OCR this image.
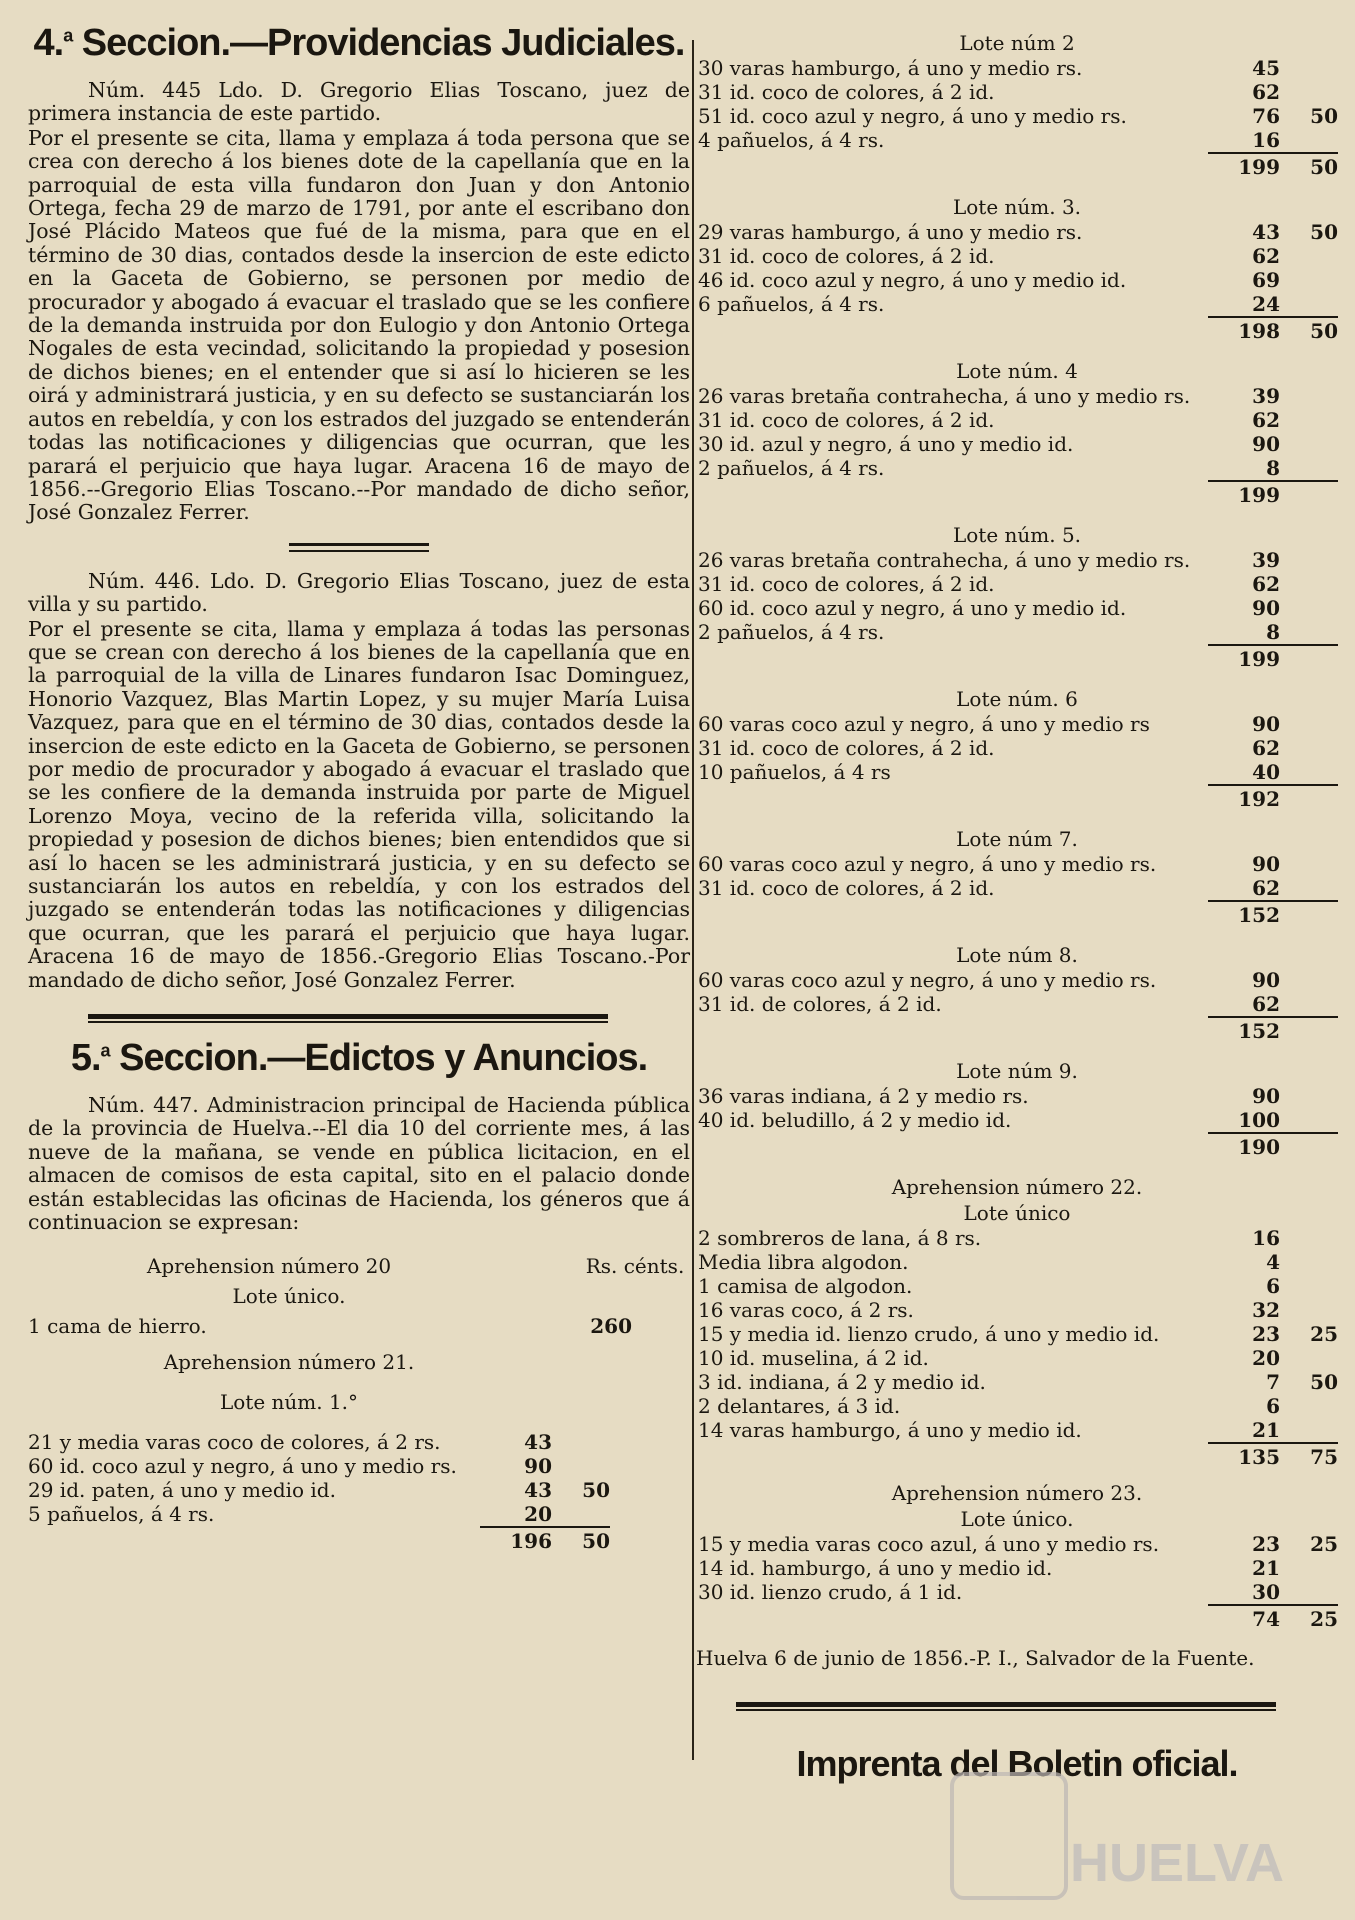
4.$^a$ Seccion.—Providencias Judiciales.

Núm. 445 Ldo. D. Gregorio Elias Toscano, juez de primera instancia de este partido.

Por el presente se cita, llama y emplaza á toda persona que se crea con derecho á los bienes dote de la capellanía que en la parroquial de esta villa fundaron don Juan y don Antonio Ortega, fecha 29 de marzo de 1791, por ante el escribano don José Plácido Mateos que fué de la misma, para que en el término de 30 dias, contados desde la insercion de este edicto en la Gaceta de Gobierno, se personen por medio de procurador y abogado á evacuar el traslado que se les confiere de la demanda instruida por don Eulogio y don Antonio Ortega Nogales de esta vecindad, solicitando la propiedad y posesion de dichos bienes; en el entender que si así lo hicieren se les oirá y administrará justicia, y en su defecto se sustanciarán los autos en rebeldía, y con los estrados del juzgado se entenderán todas las notificaciones y diligencias que ocurran, que les parará el perjuicio que haya lugar. Aracena 16 de mayo de 1856.--Gregorio Elias Toscano.--Por mandado de dicho señor, José Gonzalez Ferrer.

Núm. 446. Ldo. D. Gregorio Elias Toscano, juez de esta villa y su partido.

Por el presente se cita, llama y emplaza á todas las personas que se crean con derecho á los bienes de la capellanía que en la parroquial de la villa de Linares fundaron Isac Dominguez, Honorio Vazquez, Blas Martin Lopez, y su mujer María Luisa Vazquez, para que en el término de 30 dias, contados desde la insercion de este edicto en la Gaceta de Gobierno, se personen por medio de procurador y abogado á evacuar el traslado que se les confiere de la demanda instruida por parte de Miguel Lorenzo Moya, vecino de la referida villa, solicitando la propiedad y posesion de dichos bienes; bien entendidos que si así lo hacen se les administrará justicia, y en su defecto se sustanciarán los autos en rebeldía, y con los estrados del juzgado se entenderán todas las notificaciones y diligencias que ocurran, que les parará el perjuicio que haya lugar. Aracena 16 de mayo de 1856.-Gregorio Elias Toscano.-Por mandado de dicho señor, José Gonzalez Ferrer.

5.$^a$ Seccion.—Edictos y Anuncios.

Núm. 447. Administracion principal de Hacienda pública de la provincia de Huelva.--El dia 10 del corriente mes, á las nueve de la mañana, se vende en pública licitacion, en el almacen de comisos de esta capital, sito en el palacio donde están establecidas las oficinas de Hacienda, los géneros que á continuacion se expresan:

Aprehension número 20	Rs. cénts.
Lote único.
1 cama de hierro.	260
Aprehension número 21.
Lote núm. 1.°
21 y media varas coco de colores, á 2 rs.	43
60 id. coco azul y negro, á uno y medio rs.	90
29 id. paten, á uno y medio id.	43	50
5 pañuelos, á 4 rs.	20
196	50
Lote núm 2
30 varas hamburgo, á uno y medio rs.	45
31 id. coco de colores, á 2 id.	62
51 id. coco azul y negro, á uno y medio rs.	76	50
4 pañuelos, á 4 rs.	16
199	50
Lote núm. 3.
29 varas hamburgo, á uno y medio rs.	43	50
31 id. coco de colores, á 2 id.	62
46 id. coco azul y negro, á uno y medio id.	69
6 pañuelos, á 4 rs.	24
198	50
Lote núm. 4
26 varas bretaña contrahecha, á uno y medio rs.	39
31 id. coco de colores, á 2 id.	62
30 id. azul y negro, á uno y medio id.	90
2 pañuelos, á 4 rs.	8
199
Lote núm. 5.
26 varas bretaña contrahecha, á uno y medio rs.	39
31 id. coco de colores, á 2 id.	62
60 id. coco azul y negro, á uno y medio id.	90
2 pañuelos, á 4 rs.	8
199
Lote núm. 6
60 varas coco azul y negro, á uno y medio rs	90
31 id. coco de colores, á 2 id.	62
10 pañuelos, á 4 rs	40
192
Lote núm 7.
60 varas coco azul y negro, á uno y medio rs.	90
31 id. coco de colores, á 2 id.	62
152
Lote núm 8.
60 varas coco azul y negro, á uno y medio rs.	90
31 id. de colores, á 2 id.	62
152
Lote núm 9.
36 varas indiana, á 2 y medio rs.	90
40 id. beludillo, á 2 y medio id.	100
190
Aprehension número 22.
Lote único
2 sombreros de lana, á 8 rs.	16
Media libra algodon.	4
1 camisa de algodon.	6
16 varas coco, á 2 rs.	32
15 y media id. lienzo crudo, á uno y medio id.	23	25
10 id. muselina, á 2 id.	20
3 id. indiana, á 2 y medio id.	7	50
2 delantares, á 3 id.	6
14 varas hamburgo, á uno y medio id.	21
135	75
Aprehension número 23.
Lote único.
15 y media varas coco azul, á uno y medio rs.	23	25
14 id. hamburgo, á uno y medio id.	21
30 id. lienzo crudo, á 1 id.	30
74	25
Huelva 6 de junio de 1856.-P. I., Salvador de la Fuente.
Imprenta del Boletin oficial.
HUELVA
